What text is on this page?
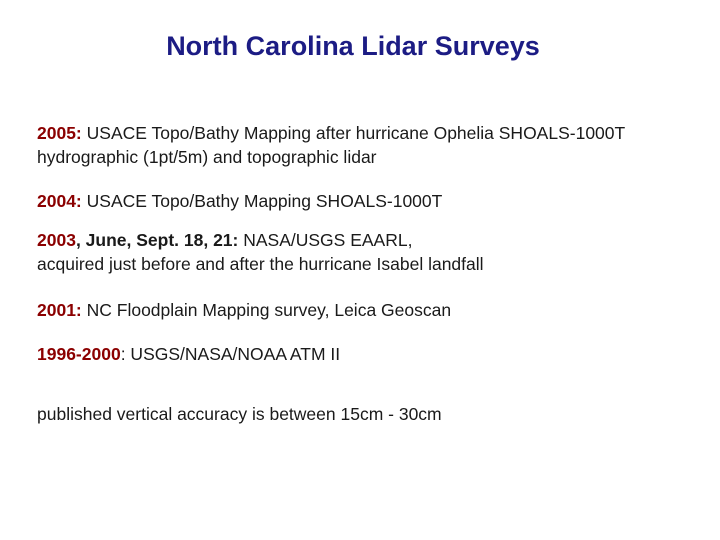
North Carolina Lidar Surveys

2005: USACE Topo/Bathy Mapping after hurricane Ophelia SHOALS-1000T hydrographic (1pt/5m) and topographic lidar

2004: USACE Topo/Bathy Mapping SHOALS-1000T

2003, June, Sept. 18, 21: NASA/USGS EAARL,
acquired just before and after the hurricane Isabel landfall

2001: NC Floodplain Mapping survey, Leica Geoscan

1996-2000: USGS/NASA/NOAA ATM II

published vertical accuracy is between 15cm - 30cm
